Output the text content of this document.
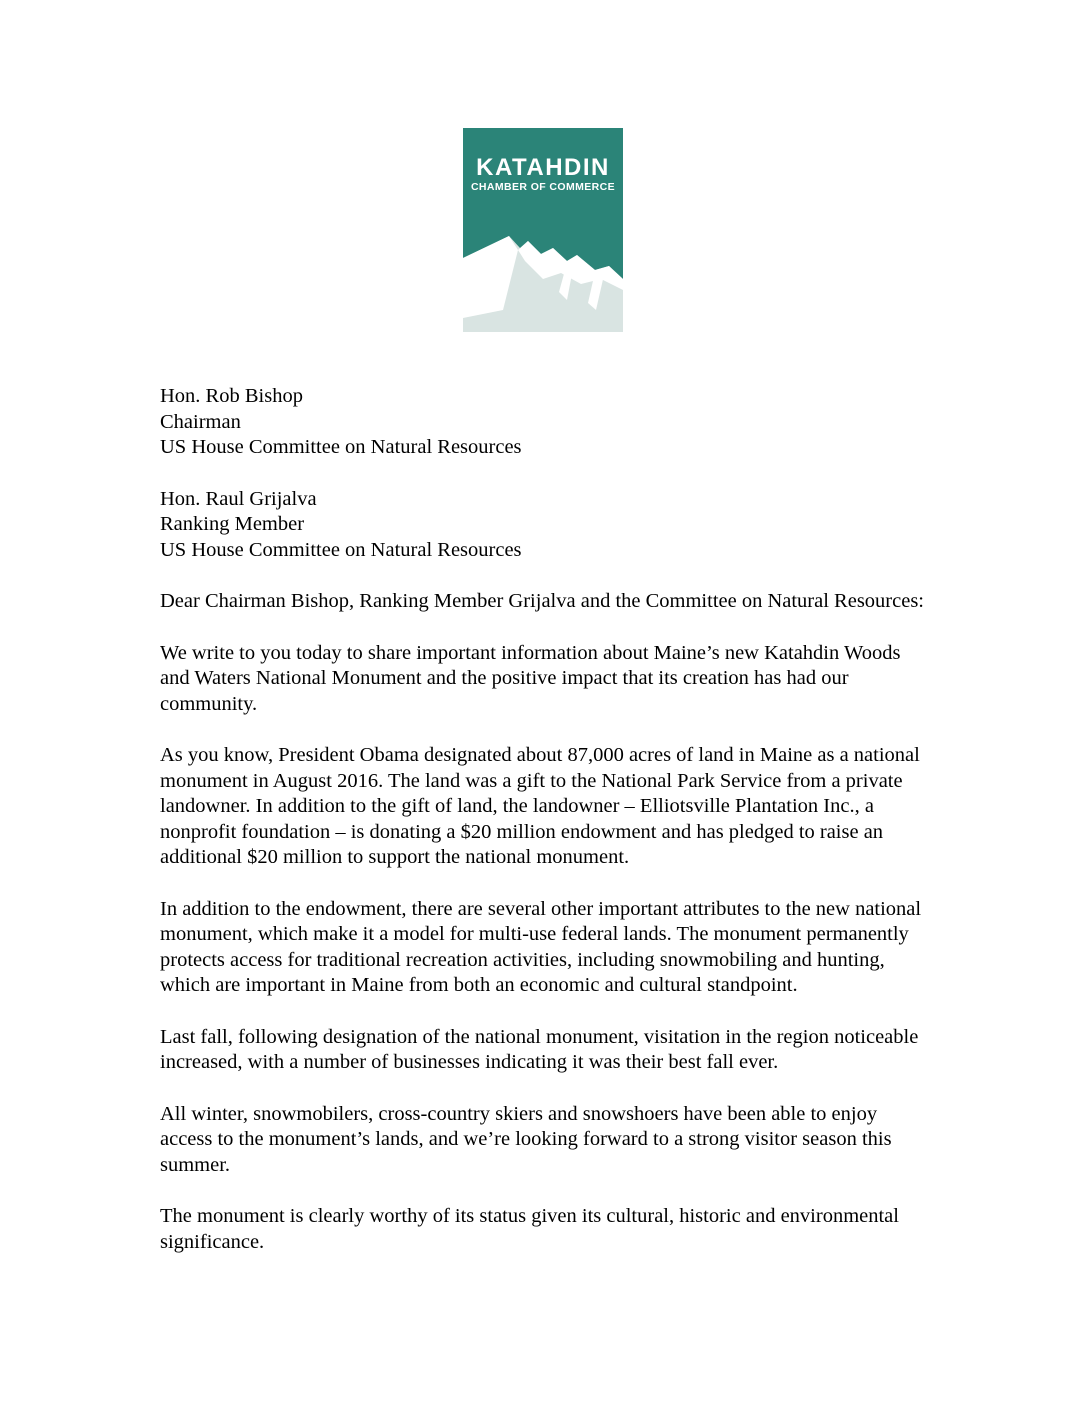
KATAHDIN
CHAMBER OF COMMERCE
Hon. Rob Bishop
Chairman
US House Committee on Natural Resources
Hon. Raul Grijalva
Ranking Member
US House Committee on Natural Resources

Dear Chairman Bishop, Ranking Member Grijalva and the Committee on Natural Resources:

We write to you today to share important information about Maine’s new Katahdin Woods and Waters National Monument and the positive impact that its creation has had our community.

As you know, President Obama designated about 87,000 acres of land in Maine as a national monument in August 2016. The land was a gift to the National Park Service from a private landowner. In addition to the gift of land, the landowner – Elliotsville Plantation Inc., a nonprofit foundation – is donating a $20 million endowment and has pledged to raise an additional $20 million to support the national monument.

In addition to the endowment, there are several other important attributes to the new national monument, which make it a model for multi-use federal lands. The monument permanently protects access for traditional recreation activities, including snowmobiling and hunting, which are important in Maine from both an economic and cultural standpoint.

Last fall, following designation of the national monument, visitation in the region noticeable increased, with a number of businesses indicating it was their best fall ever.

All winter, snowmobilers, cross-country skiers and snowshoers have been able to enjoy access to the monument’s lands, and we’re looking forward to a strong visitor season this summer.

The monument is clearly worthy of its status given its cultural, historic and environmental significance.
